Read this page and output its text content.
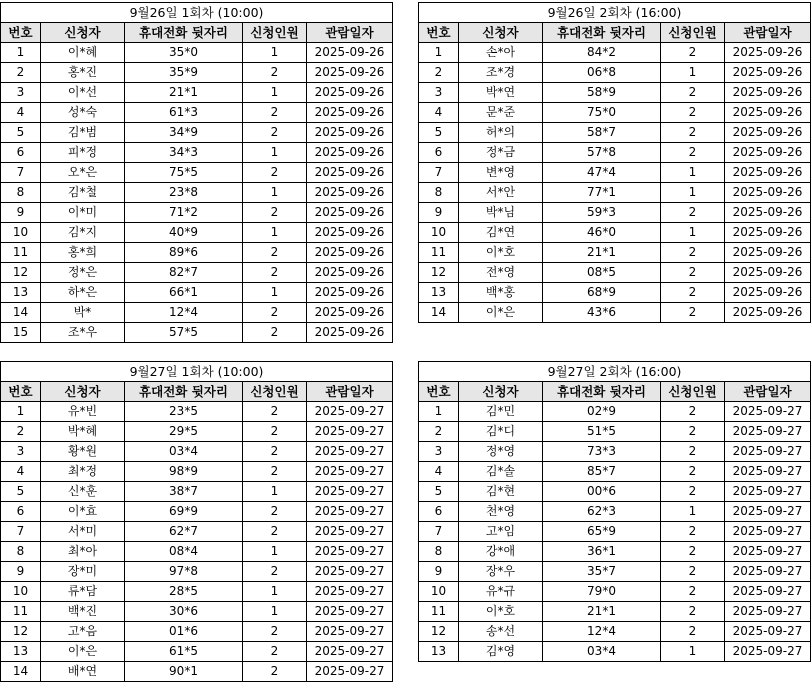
9월26일 1회차 (10:00)				
번호	신청자	휴대전화 뒷자리	신청인원	관람일자
1	이*혜	35*0	1	2025-09-26
2	홍*진	35*9	2	2025-09-26
3	이*선	21*1	1	2025-09-26
4	성*숙	61*3	2	2025-09-26
5	김*범	34*9	2	2025-09-26
6	피*정	34*3	1	2025-09-26
7	오*은	75*5	2	2025-09-26
8	김*철	23*8	1	2025-09-26
9	이*미	71*2	2	2025-09-26
10	김*지	40*9	1	2025-09-26
11	홍*희	89*6	2	2025-09-26
12	정*은	82*7	2	2025-09-26
13	하*은	66*1	1	2025-09-26
14	박*	12*4	2	2025-09-26
15	조*우	57*5	2	2025-09-26
9월26일 2회차 (16:00)				
번호	신청자	휴대전화 뒷자리	신청인원	관람일자
1	손*아	84*2	2	2025-09-26
2	조*경	06*8	1	2025-09-26
3	박*연	58*9	2	2025-09-26
4	문*준	75*0	2	2025-09-26
5	허*의	58*7	2	2025-09-26
6	정*금	57*8	2	2025-09-26
7	변*영	47*4	1	2025-09-26
8	서*안	77*1	1	2025-09-26
9	박*님	59*3	2	2025-09-26
10	김*연	46*0	1	2025-09-26
11	이*호	21*1	2	2025-09-26
12	전*영	08*5	2	2025-09-26
13	백*홍	68*9	2	2025-09-26
14	이*은	43*6	2	2025-09-26
9월27일 1회차 (10:00)				
번호	신청자	휴대전화 뒷자리	신청인원	관람일자
1	유*빈	23*5	2	2025-09-27
2	박*혜	29*5	2	2025-09-27
3	황*원	03*4	2	2025-09-27
4	최*정	98*9	2	2025-09-27
5	신*훈	38*7	1	2025-09-27
6	이*효	69*9	2	2025-09-27
7	서*미	62*7	2	2025-09-27
8	최*아	08*4	1	2025-09-27
9	장*미	97*8	2	2025-09-27
10	류*담	28*5	1	2025-09-27
11	백*진	30*6	1	2025-09-27
12	고*음	01*6	2	2025-09-27
13	이*은	61*5	2	2025-09-27
14	배*연	90*1	2	2025-09-27
9월27일 2회차 (16:00)				
번호	신청자	휴대전화 뒷자리	신청인원	관람일자
1	김*민	02*9	2	2025-09-27
2	김*디	51*5	2	2025-09-27
3	정*영	73*3	2	2025-09-27
4	김*솔	85*7	2	2025-09-27
5	김*현	00*6	2	2025-09-27
6	천*영	62*3	1	2025-09-27
7	고*임	65*9	2	2025-09-27
8	강*애	36*1	2	2025-09-27
9	장*우	35*7	2	2025-09-27
10	유*규	79*0	2	2025-09-27
11	이*호	21*1	2	2025-09-27
12	송*선	12*4	2	2025-09-27
13	김*영	03*4	1	2025-09-27
